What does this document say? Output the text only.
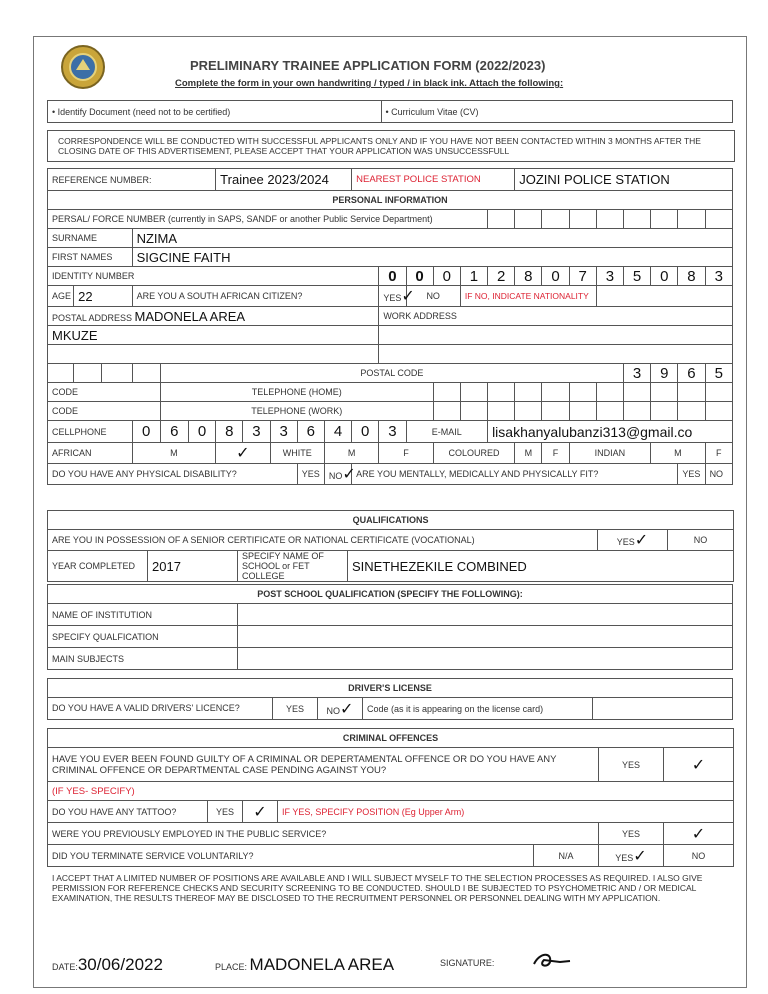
PRELIMINARY TRAINEE APPLICATION FORM (2022/2023)
Complete the form in your own handwriting / typed / in black ink. Attach the following:
• Identify Document (need not to be certified)	• Curriculum Vitae (CV)
CORRESPONDENCE WILL BE CONDUCTED WITH SUCCESSFUL APPLICANTS ONLY AND IF YOU HAVE NOT BEEN CONTACTED WITHIN 3 MONTHS AFTER THE CLOSING DATE OF THIS ADVERTISEMENT, PLEASE ACCEPT THAT YOUR APPLICATION WAS UNSUCCESSFULL
REFERENCE NUMBER:						Trainee 2023/2024					NEAREST POLICE STATION						JOZINI POLICE STATION							
PERSONAL INFORMATION																								
PERSAL/ FORCE NUMBER (currently in SAPS, SANDF or another Public Service Department)																								
SURNAME			NZIMA																					
FIRST NAMES			SIGCINE FAITH																					
IDENTITY NUMBER												0	0	0	1	2	8	0	7	3	5	0	8	3
AGE	22		ARE YOU A SOUTH AFRICAN CITIZEN?									YES✓	NO		IF NO, INDICATE NATIONALITY									
POSTAL ADDRESS MADONELA AREA												WORK ADDRESS												
MKUZE																								

				POSTAL CODE																	3	9	6	5
CODE				TELEPHONE (HOME)																				
CODE				TELEPHONE (WORK)																				
CELLPHONE			0	6	0	8	3	3	6	4	0	3	E-MAIL			lisakhanyalubanzi313@gmail.co								
AFRICAN			M			✓		WHITE		M		F		COLOURED			M	F	INDIAN			M		F
DO YOU HAVE ANY PHYSICAL DISABILITY?									YES	NO✓	ARE YOU MENTALLY, MEDICALLY AND PHYSICALLY FIT?												YES	NO
QUALIFICATIONS					
ARE YOU IN POSSESSION OF A SENIOR CERTIFICATE OR NATIONAL CERTIFICATE (VOCATIONAL)				YES✓	NO
YEAR COMPLETED	2017	SPECIFY NAME OF SCHOOL or FET COLLEGE	SINETHEZEKILE COMBINED		
POST SCHOOL QUALIFICATION (SPECIFY THE FOLLOWING):	
NAME OF INSTITUTION	
SPECIFY QUALFICATION	
MAIN SUBJECTS	
DRIVER'S LICENSE
DO YOU HAVE A VALID DRIVERS' LICENCE?	YES	NO✓	Code (as it is appearing on the license card)	
CRIMINAL OFFENCES						
HAVE YOU EVER BEEN FOUND GUILTY OF A CRIMINAL OR DEPERTAMENTAL OFFENCE OR DO YOU HAVE ANY CRIMINAL OFFENCE OR DEPARTMENTAL CASE PENDING AGAINST YOU?					YES	✓
(IF YES- SPECIFY)						
DO YOU HAVE ANY TATTOO?	YES	✓	IF YES, SPECIFY POSITION (Eg Upper Arm)			
WERE YOU PREVIOUSLY EMPLOYED IN THE PUBLIC SERVICE?					YES	✓
DID YOU TERMINATE SERVICE VOLUNTARILY?				N/A	YES✓	NO
I ACCEPT THAT A LIMITED NUMBER OF POSITIONS ARE AVAILABLE AND I WILL SUBJECT MYSELF TO THE SELECTION PROCESSES AS REQUIRED. I ALSO GIVE PERMISSION FOR REFERENCE CHECKS AND SECURITY SCREENING TO BE CONDUCTED. SHOULD I BE SUBJECTED TO PSYCHOMETRIC AND / OR MEDICAL EXAMINATION, THE RESULTS THEREOF MAY BE DISCLOSED TO THE RECRUITMENT PERSONNEL OR PERSONNEL DEALING WITH MY APPLICATION.
DATE:30/06/2022	PLACE: MADONELA AREA	SIGNATURE:
